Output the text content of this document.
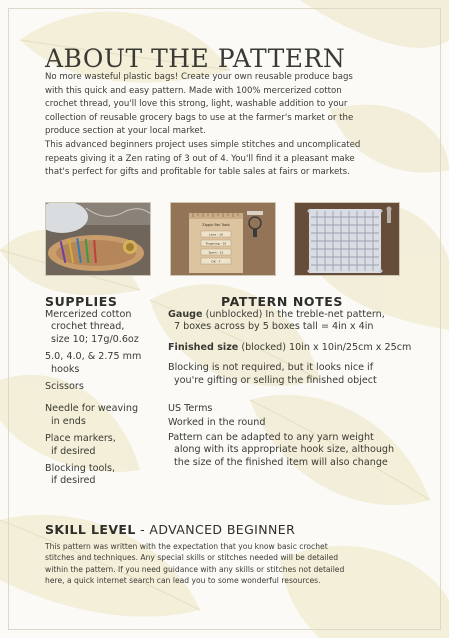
ABOUT THE PATTERN

No more wasteful plastic bags! Create your own reusable produce bags
with this quick and easy pattern. Made with 100% mercerized cotton
crochet thread, you'll love this strong, light, washable addition to your
collection of reusable grocery bags to use at the farmer's market or the
produce section at your local market.

This advanced beginners project uses simple stitches and uncomplicated
repeats giving it a Zen rating of 3 out of 4. You'll find it a pleasant make
that's perfect for gifts and profitable for table sales at fairs or markets.

Ziggur Bar Tools
Lace - 10
Fingering - 10
Sport - 12
DK - 7
SUPPLIES
Mercerized cotton
crochet thread,
size 10; 17g/0.6oz
5.0, 4.0, & 2.75 mm
hooks
Scissors
Needle for weaving
in ends
Place markers,
if desired
Blocking tools,
if desired
PATTERN NOTES
Gauge (unblocked) In the treble-net pattern,
7 boxes across by 5 boxes tall = 4in x 4in
Finished size (blocked) 10in x 10in/25cm x 25cm
Blocking is not required, but it looks nice if
you're gifting or selling the finished object
US Terms
Worked in the round
Pattern can be adapted to any yarn weight
along with its appropriate hook size, although
the size of the finished item will also change
SKILL LEVEL - ADVANCED BEGINNER
This pattern was written with the expectation that you know basic crochet
stitches and techniques. Any special skills or stitches needed will be detailed
within the pattern. If you need guidance with any skills or stitches not detailed
here, a quick internet search can lead you to some wonderful resources.
